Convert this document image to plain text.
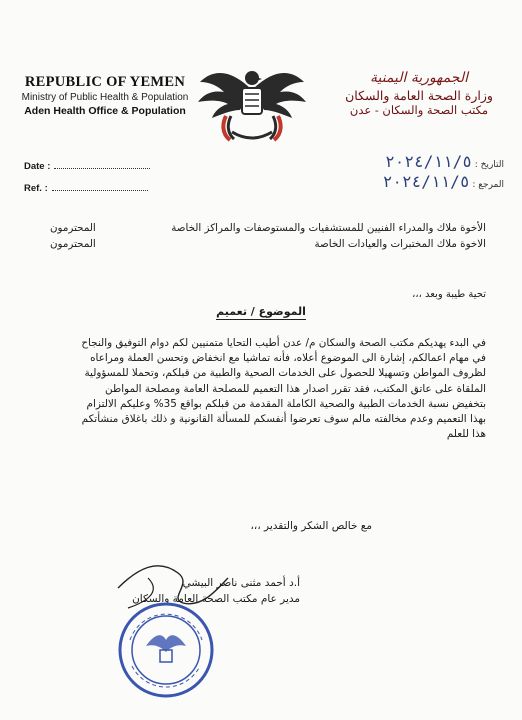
REPUBLIC OF YEMEN
Ministry of Public Health & Population
Aden Health Office & Population
الجمهورية اليمنية
وزارة الصحة العامة والسكان
مكتب الصحة والسكان - عدن
Date :
Ref. :
التاريخ : ٢٠٢٤/١١/٥
المرجع : ٢٠٢٤/١١/٥
الأخوة ملاك والمدراء الفنيين للمستشفيات والمستوصفات والمراكز الخاصة
المحترمون
الاخوة ملاك المختبرات والعيادات الخاصة
المحترمون
تحية طيبة وبعد ،،،
الموضوع / تعميم
في البدء يهديكم مكتب الصحة والسكان م/ عدن أطيب التحايا متمنيين لكم دوام التوفيق والنجاح
في مهام اعمالكم، إشارة الى الموضوع أعلاه، فأنه تماشيا مع انخفاض وتحسن العملة ومراعاه
لظروف المواطن وتسهيلا للحصول على الخدمات الصحية والطبية من قبلكم، وتحملا للمسؤولية
الملقاة على عاتق المكتب، فقد تقرر اصدار هذا التعميم للمصلحة العامة ومصلحة المواطن
بتخفيض نسبة الخدمات الطبية والصحية الكاملة المقدمة من قبلكم بواقع 35% وعليكم الالتزام
بهذا التعميم وعدم مخالفته مالم سوف تعرضوا أنفسكم للمسألة القانونية و ذلك باغلاق منشأتكم
هذا للعلم
مع خالص الشكر والتقدير ،،،
أ.د أحمد مثنى ناصر البيشي
مدير عام مكتب الصحة العامة والسكان
